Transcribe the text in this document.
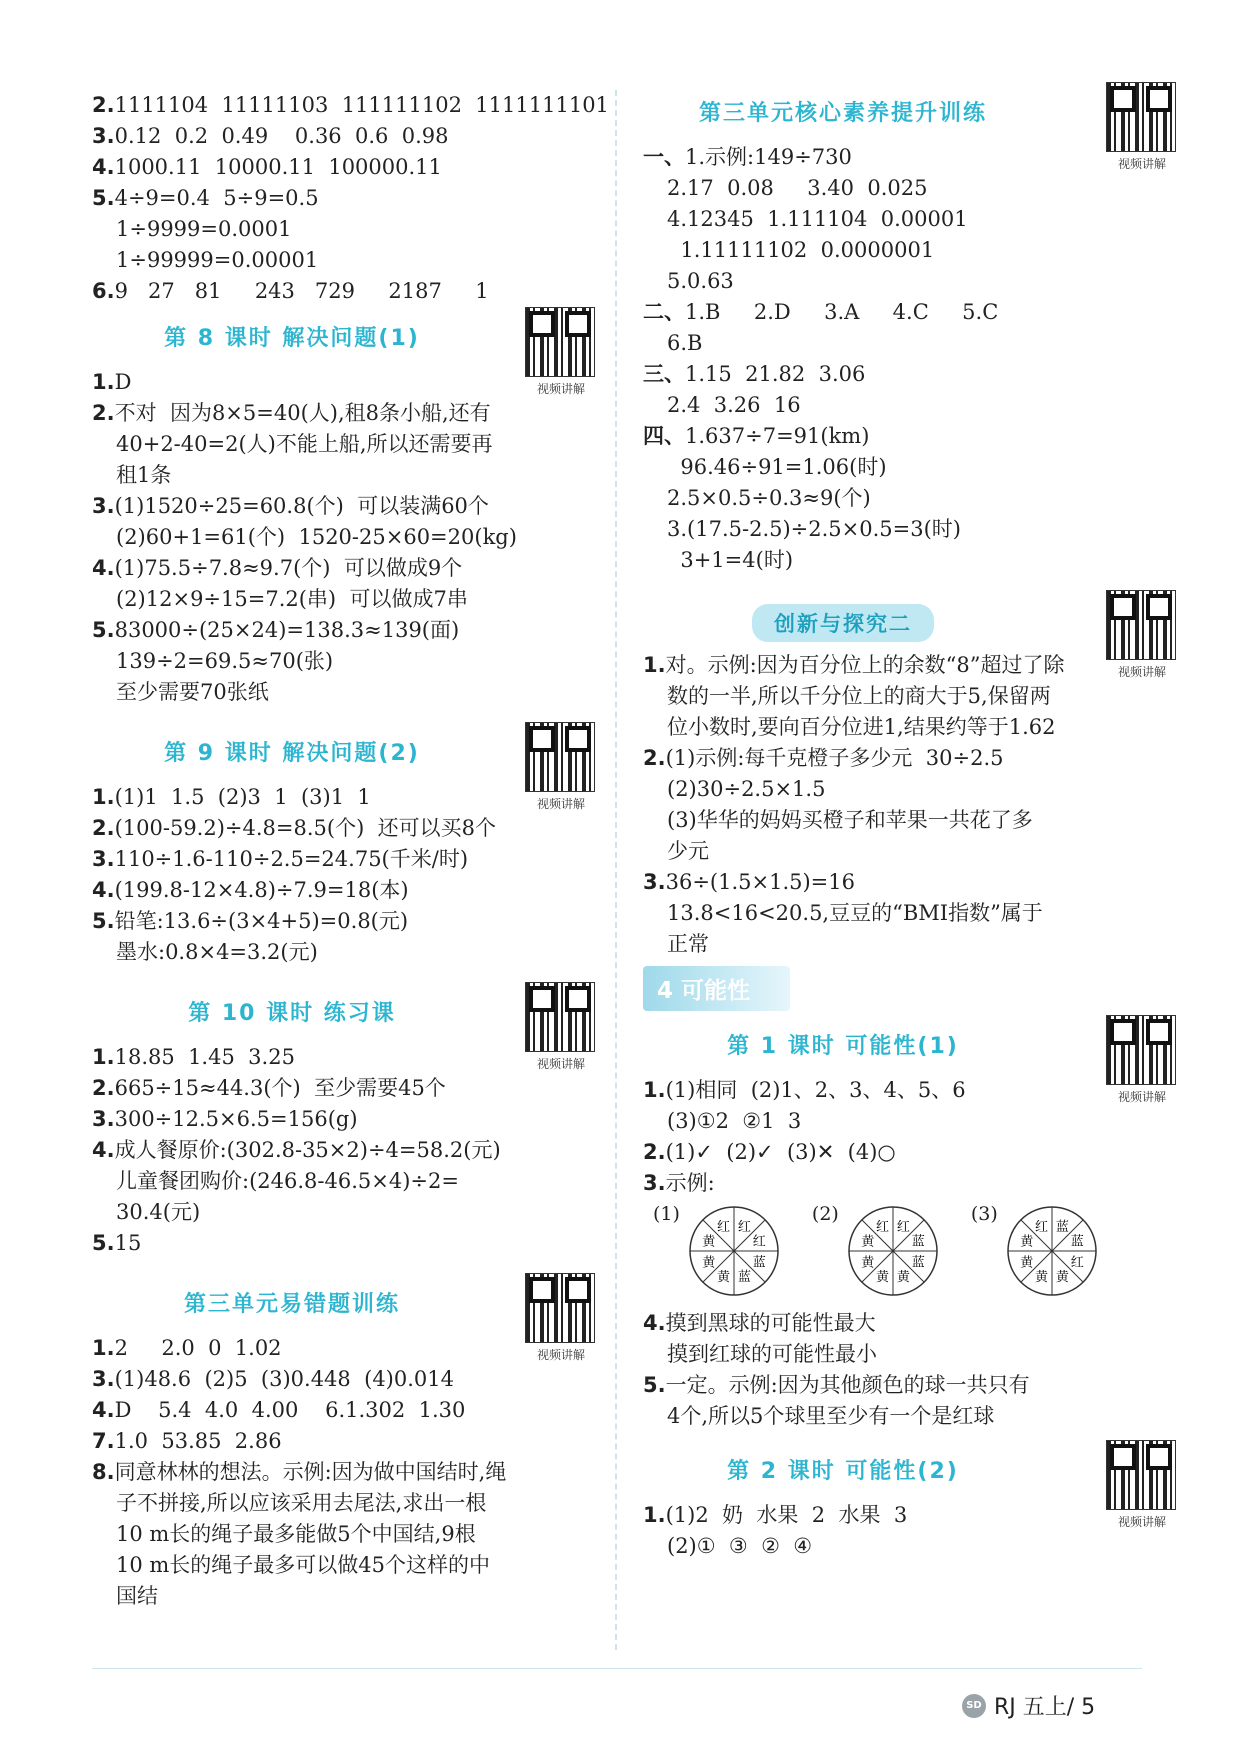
2.1111104  11111103  111111102  1111111101
3.0.12  0.2  0.49    0.36  0.6  0.98
4.1000.11  10000.11  100000.11
5.4÷9=0.4  5÷9=0.5
1÷9999=0.0001
1÷99999=0.00001
6.9   27   81     243   729     2187     1
第 8 课时 解决问题(1)
视频讲解
1.D
2.不对  因为8×5=40(人),租8条小船,还有
40+2-40=2(人)不能上船,所以还需要再
租1条
3.(1)1520÷25=60.8(个)  可以装满60个
(2)60+1=61(个)  1520-25×60=20(kg)
4.(1)75.5÷7.8≈9.7(个)  可以做成9个
(2)12×9÷15=7.2(串)  可以做成7串
5.83000÷(25×24)=138.3≈139(面)
139÷2=69.5≈70(张)
至少需要70张纸
第 9 课时 解决问题(2)
视频讲解
1.(1)1  1.5  (2)3  1  (3)1  1
2.(100-59.2)÷4.8=8.5(个)  还可以买8个
3.110÷1.6-110÷2.5=24.75(千米/时)
4.(199.8-12×4.8)÷7.9=18(本)
5.铅笔:13.6÷(3×4+5)=0.8(元)
墨水:0.8×4=3.2(元)
第 10 课时 练习课
视频讲解
1.18.85  1.45  3.25
2.665÷15≈44.3(个)  至少需要45个
3.300÷12.5×6.5=156(g)
4.成人餐原价:(302.8-35×2)÷4=58.2(元)
儿童餐团购价:(246.8-46.5×4)÷2=
30.4(元)
5.15
第三单元易错题训练
视频讲解
1.2     2.0  0  1.02
3.(1)48.6  (2)5  (3)0.448  (4)0.014
4.D    5.4  4.0  4.00    6.1.302  1.30
7.1.0  53.85  2.86
8.同意林林的想法。示例:因为做中国结时,绳
子不拼接,所以应该采用去尾法,求出一根
10 m长的绳子最多能做5个中国结,9根
10 m长的绳子最多可以做45个这样的中
国结
第三单元核心素养提升训练
视频讲解
一、1.示例:149÷730
2.17  0.08     3.40  0.025
4.12345  1.111104  0.00001
1.11111102  0.0000001
5.0.63
二、1.B     2.D     3.A     4.C     5.C
6.B
三、1.15  21.82  3.06
2.4  3.26  16
四、1.637÷7=91(km)
96.46÷91=1.06(时)
2.5×0.5÷0.3≈9(个)
3.(17.5-2.5)÷2.5×0.5=3(时)
3+1=4(时)
创新与探究二
视频讲解
1.对。示例:因为百分位上的余数“8”超过了除
数的一半,所以千分位上的商大于5,保留两
位小数时,要向百分位进1,结果约等于1.62
2.(1)示例:每千克橙子多少元  30÷2.5
(2)30÷2.5×1.5
(3)华华的妈妈买橙子和苹果一共花了多
少元
3.36÷(1.5×1.5)=16
13.8<16<20.5,豆豆的“BMI指数”属于
正常
4 可能性
第 1 课时 可能性(1)
视频讲解
1.(1)相同  (2)1、2、3、4、5、6
(3)①2  ②1  3
2.(1)✓  (2)✓  (3)✕  (4)○
3.示例:
(1)
红
红
蓝
蓝
黄
黄
黄
红
(2)
红
蓝
蓝
黄
黄
黄
黄
红
(3)
蓝
蓝
红
黄
黄
黄
黄
红
4.摸到黑球的可能性最大
摸到红球的可能性最小
5.一定。示例:因为其他颜色的球一共只有
4个,所以5个球里至少有一个是红球
第 2 课时 可能性(2)
视频讲解
1.(1)2  奶  水果  2  水果  3
(2)①  ③  ②  ④
SD RJ 五上/ 5
